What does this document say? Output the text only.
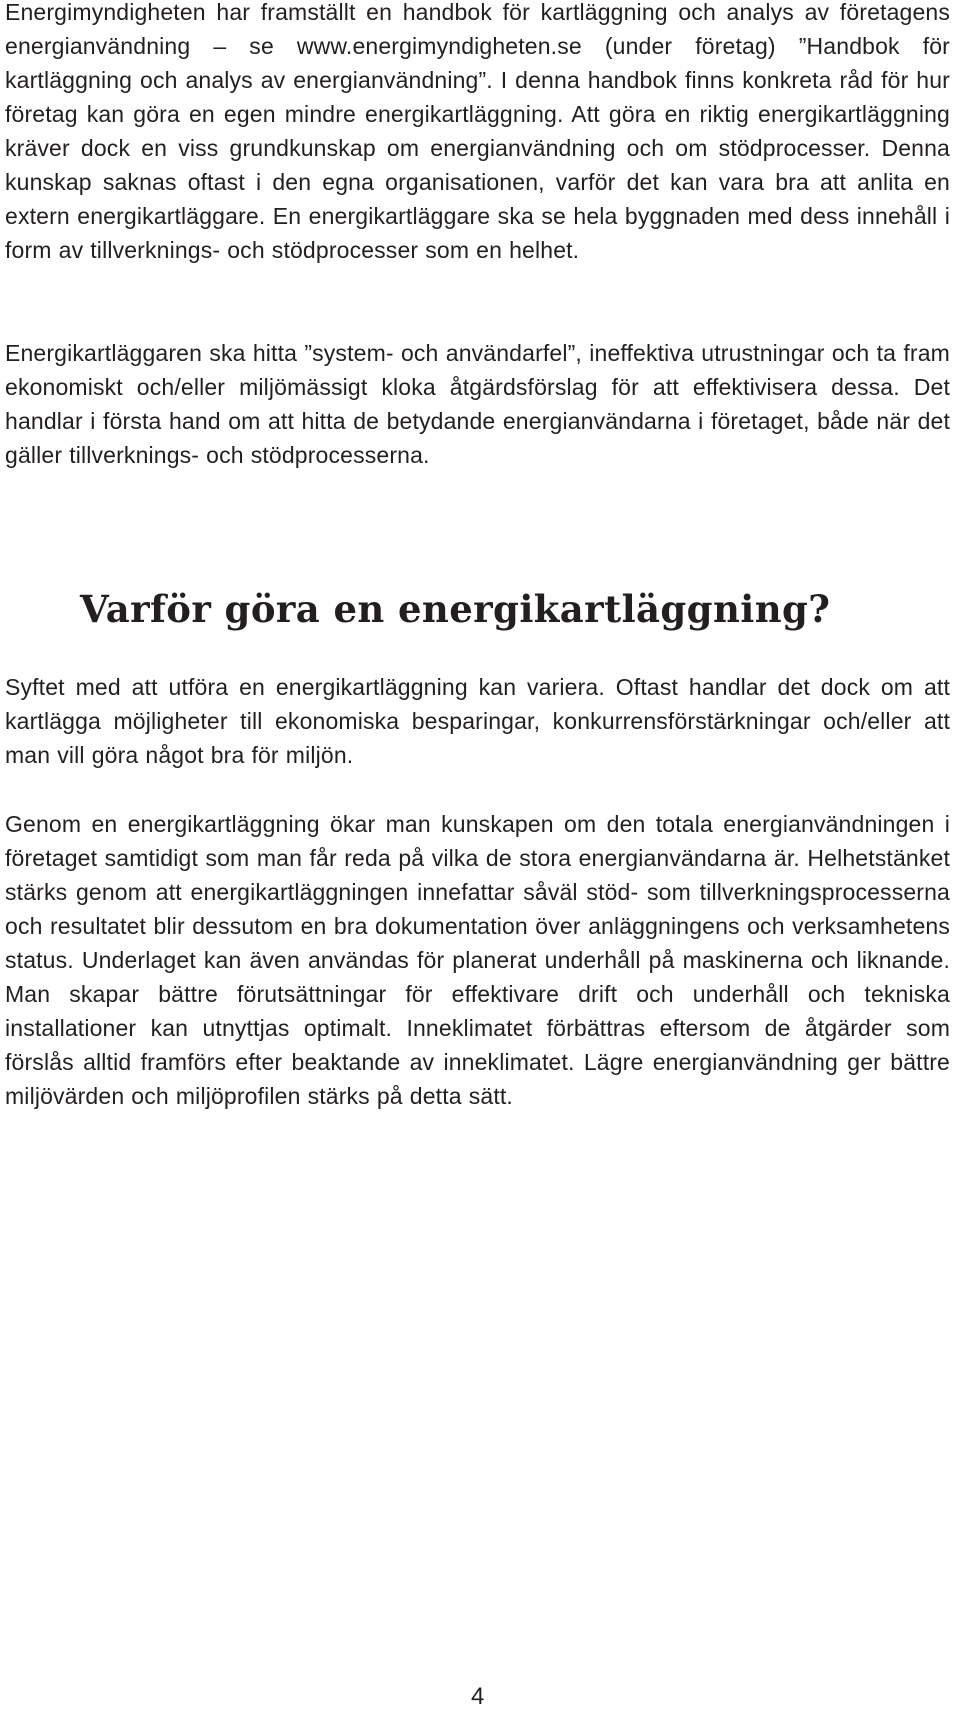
Energimyndigheten har framställt en handbok för kartläggning och analys av företagens energianvändning – se www.energimyndigheten.se (under företag) ”Handbok för kartläggning och analys av energianvändning”. I denna handbok finns konkreta råd för hur företag kan göra en egen mindre energikartläggning. Att göra en riktig energikartläggning kräver dock en viss grundkunskap om energianvändning och om stödprocesser. Denna kunskap saknas oftast i den egna organisationen, varför det kan vara bra att anlita en extern energikartläggare. En energikartläggare ska se hela byggnaden med dess innehåll i form av tillverknings- och stödprocesser som en helhet.

Energikartläggaren ska hitta ”system- och användarfel”, ineffektiva utrustningar och ta fram ekonomiskt och/eller miljömässigt kloka åtgärdsförslag för att effektivisera dessa. Det handlar i första hand om att hitta de betydande energianvändarna i företaget, både när det gäller tillverknings- och stödprocesserna.

Varför göra en energikartläggning?

Syftet med att utföra en energikartläggning kan variera. Oftast handlar det dock om att kartlägga möjligheter till ekonomiska besparingar, konkurrensförstärkningar och/eller att man vill göra något bra för miljön.

Genom en energikartläggning ökar man kunskapen om den totala energianvändningen i företaget samtidigt som man får reda på vilka de stora energianvändarna är. Helhetstänket stärks genom att energikartläggningen innefattar såväl stöd- som tillverkningsprocesserna och resultatet blir dessutom en bra dokumentation över anläggningens och verksamhetens status. Underlaget kan även användas för planerat underhåll på maskinerna och liknande. Man skapar bättre förutsättningar för effektivare drift och underhåll och tekniska installationer kan utnyttjas optimalt. Inneklimatet förbättras eftersom de åtgärder som förslås alltid framförs efter beaktande av inneklimatet. Lägre energianvändning ger bättre miljövärden och miljöprofilen stärks på detta sätt.

4
